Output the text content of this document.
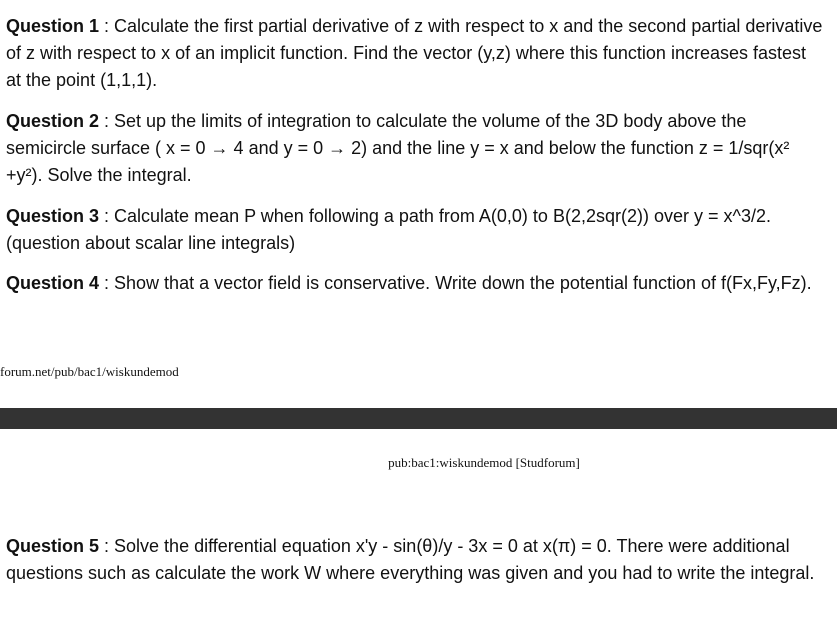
Question 1 : Calculate the first partial derivative of z with respect to x and the second partial derivative of z with respect to x of an implicit function. Find the vector (y,z) where this function increases fastest at the point (1,1,1).

Question 2 : Set up the limits of integration to calculate the volume of the 3D body above the semicircle surface ( x = 0 → 4 and y = 0 → 2) and the line y = x and below the function z = 1/sqr(x² +y²). Solve the integral.

Question 3 : Calculate mean P when following a path from A(0,0) to B(2,2sqr(2)) over y = x^3/2. (question about scalar line integrals)

Question 4 : Show that a vector field is conservative. Write down the potential function of f(Fx,Fy,Fz).

forum.net/pub/bac1/wiskundemod
pub:bac1:wiskundemod [Studforum]

Question 5 : Solve the differential equation x'y - sin(θ)/y - 3x = 0 at x(π) = 0. There were additional questions such as calculate the work W where everything was given and you had to write the integral.
